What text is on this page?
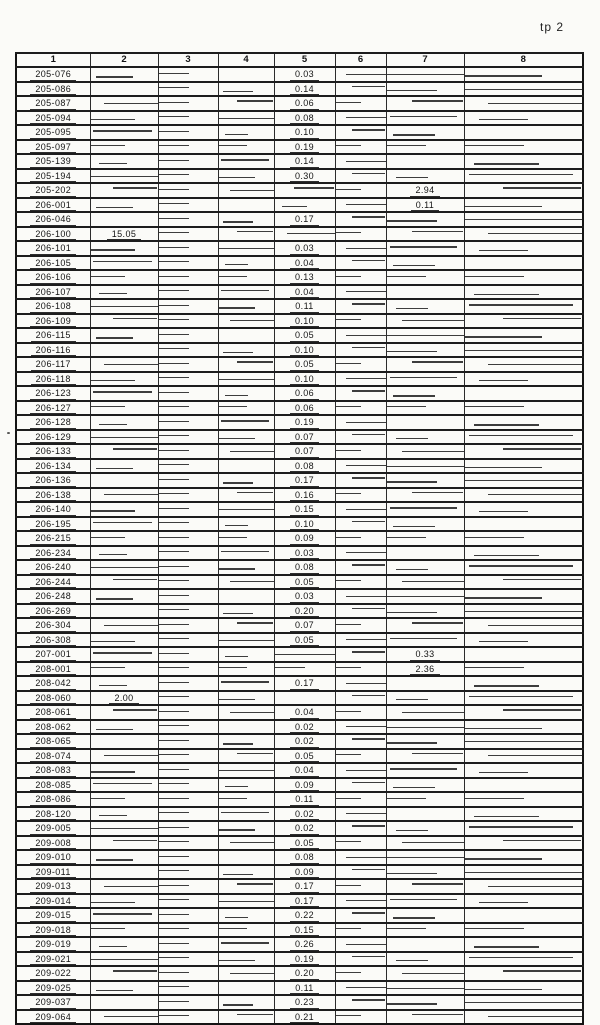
tp 2
1	2	3	4	5	6	7	8
205-076				0.03			
205-086				0.14			
205-087				0.06			
205-094				0.08			
205-095				0.10			
205-097				0.19			
205-139				0.14			
205-194				0.30			
205-202						2.94	
206-001						0.11	
206-046				0.17			
206-100	15.05						
206-101				0.03			
206-105				0.04			
206-106				0.13			
206-107				0.04			
206-108				0.11			
206-109				0.10			
206-115				0.05			
206-116				0.10			
206-117				0.05			
206-118				0.10			
206-123				0.06			
206-127				0.06			
206-128				0.19			
206-129				0.07			
206-133				0.07			
206-134				0.08			
206-136				0.17			
206-138				0.16			
206-140				0.15			
206-195				0.10			
206-215				0.09			
206-234				0.03			
206-240				0.08			
206-244				0.05			
206-248				0.03			
206-269				0.20			
206-304				0.07			
206-308				0.05			
207-001						0.33	
208-001						2.36	
208-042				0.17			
208-060	2.00						
208-061				0.04			
208-062				0.02			
208-065				0.02			
208-074				0.05			
208-083				0.04			
208-085				0.09			
208-086				0.11			
208-120				0.02			
209-005				0.02			
209-008				0.05			
209-010				0.08			
209-011				0.09			
209-013				0.17			
209-014				0.17			
209-015				0.22			
209-018				0.15			
209-019				0.26			
209-021				0.19			
209-022				0.20			
209-025				0.11			
209-037				0.23			
209-064				0.21			
